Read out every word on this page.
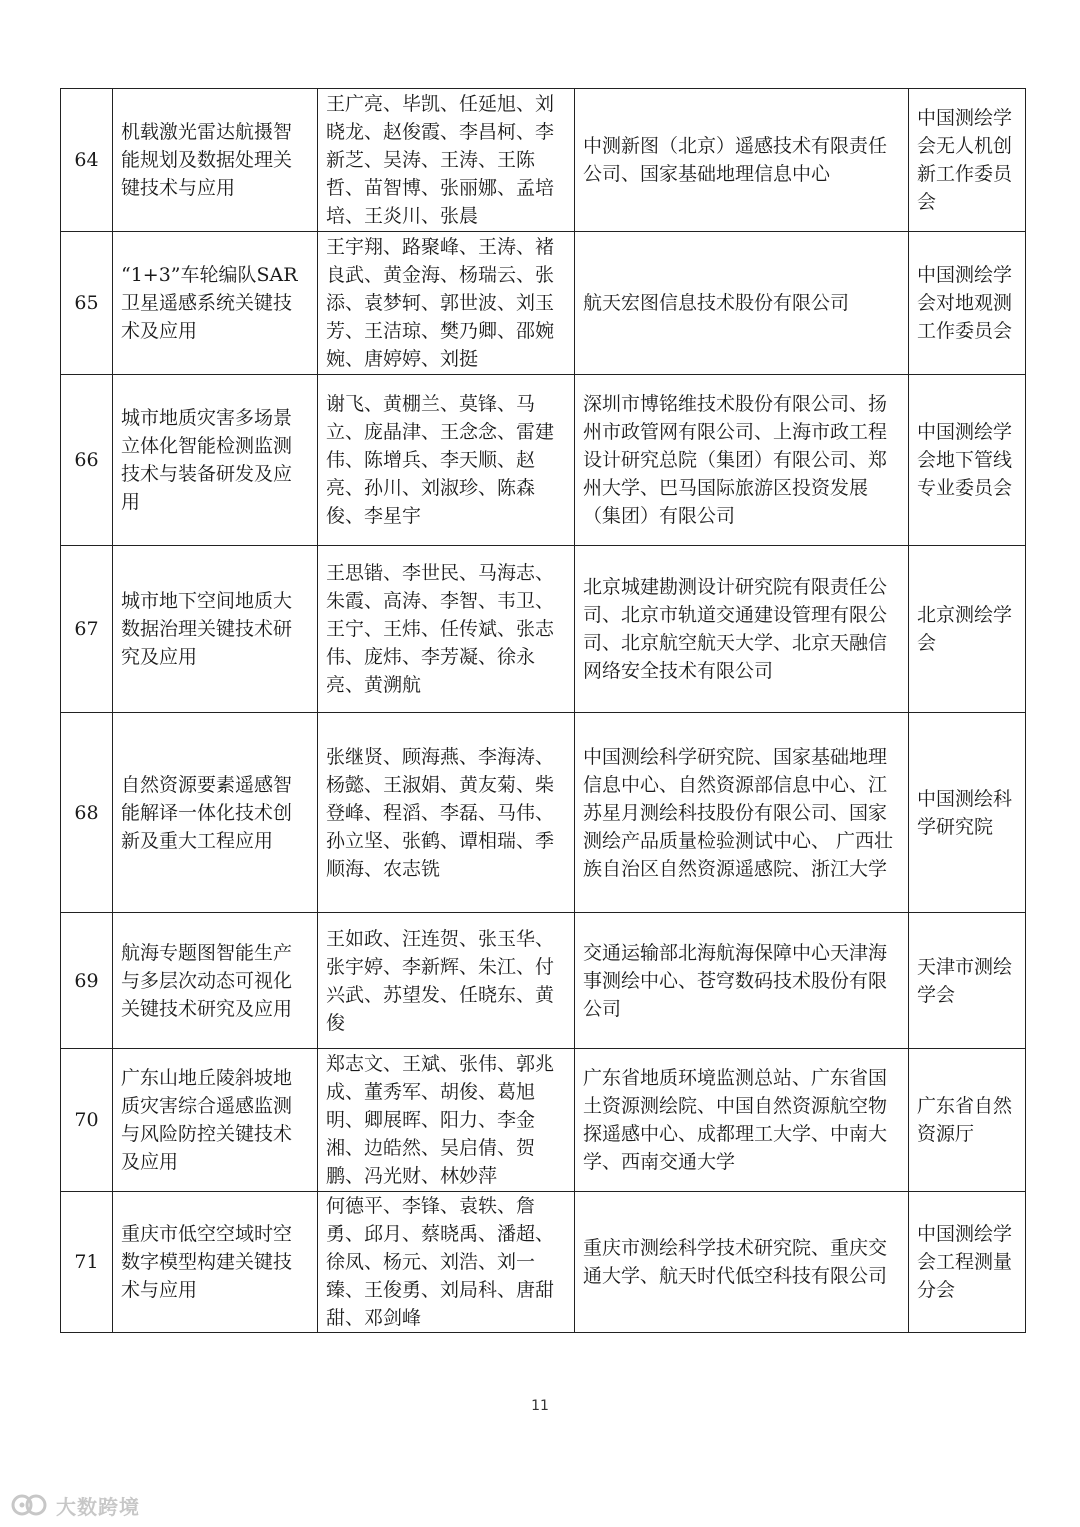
64	机载激光雷达航摄智能规划及数据处理关键技术与应用	王广亮、毕凯、任延旭、刘晓龙、赵俊霞、李昌柯、李新芝、吴涛、王涛、王陈哲、苗智博、张丽娜、孟培培、王炎川、张晨	中测新图（北京）遥感技术有限责任公司、国家基础地理信息中心	中国测绘学会无人机创新工作委员会
65	“1+3”车轮编队SAR 卫星遥感系统关键技术及应用	王宇翔、路聚峰、王涛、褚良武、黄金海、杨瑞云、张添、袁梦轲、郭世波、刘玉芳、王洁琼、樊乃卿、邵婉婉、唐婷婷、刘挺	航天宏图信息技术股份有限公司	中国测绘学会对地观测工作委员会
66	城市地质灾害多场景立体化智能检测监测技术与装备研发及应用	谢飞、黄棚兰、莫锋、马立、庞晶津、王念念、雷建伟、陈增兵、李天顺、赵亮、孙川、刘淑珍、陈森俊、李星宇	深圳市博铭维技术股份有限公司、扬州市政管网有限公司、上海市政工程设计研究总院（集团）有限公司、郑州大学、巴马国际旅游区投资发展（集团）有限公司	中国测绘学会地下管线专业委员会
67	城市地下空间地质大数据治理关键技术研究及应用	王思锴、李世民、马海志、朱霞、高涛、李智、韦卫、王宁、王炜、任传斌、张志伟、庞炜、李芳凝、徐永亮、黄溯航	北京城建勘测设计研究院有限责任公司、北京市轨道交通建设管理有限公司、北京航空航天大学、北京天融信网络安全技术有限公司	北京测绘学会
68	自然资源要素遥感智能解译一体化技术创新及重大工程应用	张继贤、顾海燕、李海涛、杨懿、王淑娟、黄友菊、柴登峰、程滔、李磊、马伟、孙立坚、张鹤、谭相瑞、季顺海、农志铣	中国测绘科学研究院、国家基础地理信息中心、自然资源部信息中心、江苏星月测绘科技股份有限公司、国家测绘产品质量检验测试中心、 广西壮族自治区自然资源遥感院、浙江大学	中国测绘科学研究院
69	航海专题图智能生产与多层次动态可视化关键技术研究及应用	王如政、汪连贺、张玉华、张宇婷、李新辉、朱江、付兴武、苏望发、任晓东、黄俊	交通运输部北海航海保障中心天津海事测绘中心、苍穹数码技术股份有限公司	天津市测绘学会
70	广东山地丘陵斜坡地质灾害综合遥感监测与风险防控关键技术及应用	郑志文、王斌、张伟、郭兆成、董秀军、胡俊、葛旭明、卿展晖、阳力、李金湘、边皓然、吴启倩、贺鹏、冯光财、林妙萍	广东省地质环境监测总站、广东省国土资源测绘院、中国自然资源航空物探遥感中心、成都理工大学、中南大学、西南交通大学	广东省自然资源厅
71	重庆市低空空域时空数字模型构建关键技术与应用	何德平、李锋、袁轶、詹勇、邱月、蔡晓禹、潘超、徐凤、杨元、刘浩、刘一臻、王俊勇、刘局科、唐甜甜、邓剑峰	重庆市测绘科学技术研究院、重庆交通大学、航天时代低空科技有限公司	中国测绘学会工程测量分会
11
大数跨境
